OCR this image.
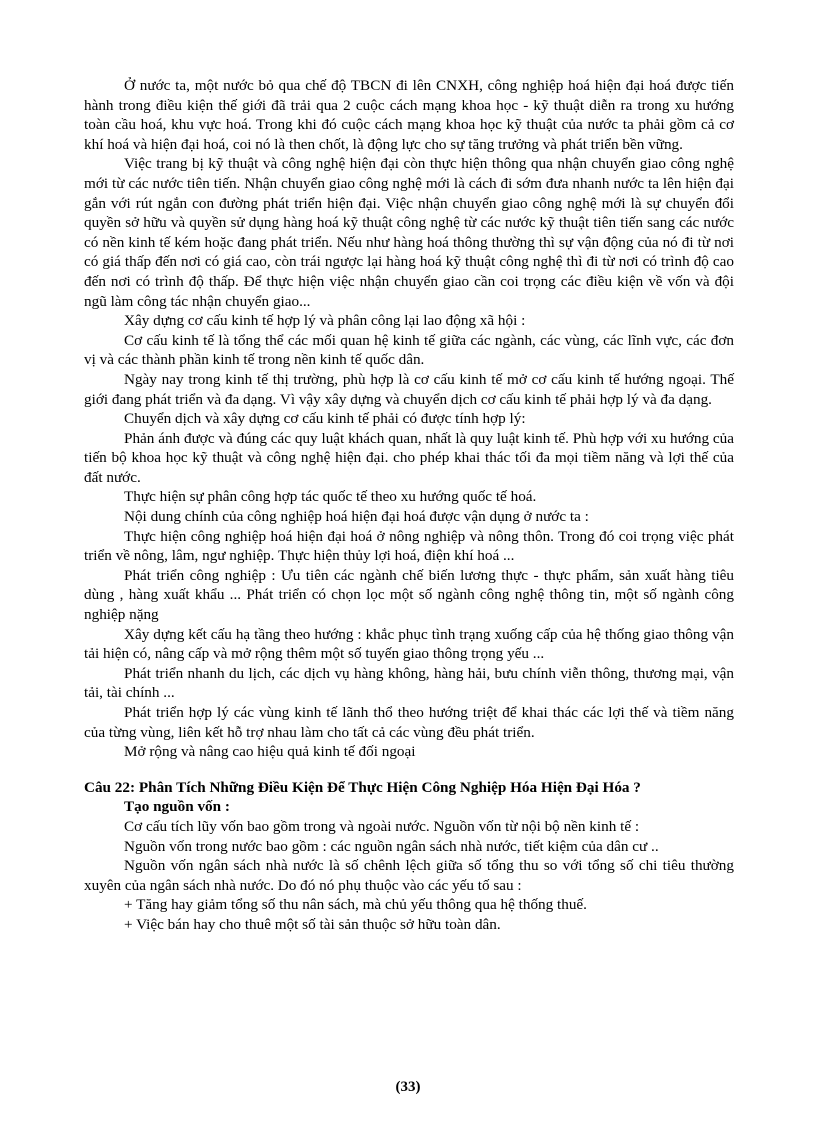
Ở nước ta, một nước bỏ qua chế độ TBCN đi lên CNXH, công nghiệp hoá hiện đại hoá được tiến hành trong điều kiện thế giới đã trải qua 2 cuộc cách mạng khoa học - kỹ thuật diễn ra trong xu hướng toàn cầu hoá, khu vực hoá. Trong khi đó cuộc cách mạng khoa học kỹ thuật của nước ta phải gồm cả cơ khí hoá và hiện đại hoá, coi nó là then chốt, là động lực cho sự tăng trưởng và phát triển bền vững.

Việc trang bị kỹ thuật và công nghệ hiện đại còn thực hiện thông qua nhận chuyển giao công nghệ mới từ các nước tiên tiến. Nhận chuyển giao công nghệ mới là cách đi sớm đưa nhanh nước ta lên hiện đại gắn với rút ngắn con đường phát triển hiện đại. Việc nhận chuyển giao công nghệ mới là sự chuyển đổi quyền sở hữu và quyền sử dụng hàng hoá kỹ thuật công nghệ từ các nước kỹ thuật tiên tiến sang các nước có nền kinh tế kém hoặc đang phát triển. Nếu như hàng hoá thông thường thì sự vận động của nó đi từ nơi có giá thấp đến nơi có giá cao, còn trái ngược lại hàng hoá kỹ thuật công nghệ thì đi từ nơi có trình độ cao đến nơi có trình độ thấp. Để thực hiện việc nhận chuyển giao cần coi trọng các điều kiện về vốn và đội ngũ làm công tác nhận chuyển giao...

Xây dựng cơ cấu kinh tế hợp lý và phân công lại lao động xã hội :

Cơ cấu kinh tế là tổng thể các mối quan hệ kinh tế giữa các ngành, các vùng, các lĩnh vực, các đơn vị và các thành phần kinh tế trong nền kinh tế quốc dân.

Ngày nay trong kinh tế thị trường, phù hợp là cơ cấu kinh tế mở cơ cấu kinh tế hướng ngoại. Thế giới đang phát triển và đa dạng. Vì vậy xây dựng và chuyển dịch cơ cấu kinh tế phải hợp lý và đa dạng.

Chuyển dịch và xây dựng cơ cấu kinh tế phải có được tính hợp lý:

Phản ánh được và đúng các quy luật khách quan, nhất là quy luật kinh tế. Phù hợp với xu hướng của tiến bộ khoa học kỹ thuật và công nghệ hiện đại. cho phép khai thác tối đa mọi tiềm năng và lợi thế của đất nước.

Thực hiện sự phân công hợp tác quốc tế theo xu hướng quốc tế hoá.

Nội dung chính của công nghiệp hoá hiện đại hoá được vận dụng ở nước ta :

Thực hiện công nghiệp hoá hiện đại hoá ở nông nghiệp và nông thôn. Trong đó coi trọng việc phát triển về nông, lâm, ngư nghiệp. Thực hiện thủy lợi hoá, điện khí hoá ...

Phát triển công nghiệp : Ưu tiên các ngành chế biến lương thực - thực phẩm, sản xuất hàng tiêu dùng , hàng xuất khẩu ... Phát triển có chọn lọc một số ngành công nghệ thông tin, một số ngành công nghiệp nặng

Xây dựng kết cấu hạ tầng theo hướng : khắc phục tình trạng xuống cấp của hệ thống giao thông vận tải hiện có, nâng cấp và mở rộng thêm một số tuyến giao thông trọng yếu ...

Phát triển nhanh du lịch, các dịch vụ hàng không, hàng hải, bưu chính viễn thông, thương mại, vận tải, tài chính ...

Phát triển hợp lý các vùng kinh tế lãnh thổ theo hướng triệt để khai thác các lợi thế và tiềm năng của từng vùng, liên kết hỗ trợ nhau làm cho tất cả các vùng đều phát triển.

Mở rộng và nâng cao hiệu quả kinh tế đối ngoại

Câu 22: Phân Tích Những Điều Kiện Để Thực Hiện Công Nghiệp Hóa Hiện Đại Hóa ?

Tạo nguồn vốn :

Cơ cấu tích lũy vốn bao gồm trong và ngoài nước. Nguồn vốn từ nội bộ nền kinh tế :

Nguồn vốn trong nước bao gồm : các nguồn ngân sách nhà nước, tiết kiệm của dân cư ..

Nguồn vốn ngân sách nhà nước là số chênh lệch giữa số tổng thu so với tổng số chi tiêu thường xuyên của ngân sách nhà nước. Do đó nó phụ thuộc vào các yếu tố sau :

+ Tăng hay giảm tổng số thu nân sách, mà chủ yếu thông qua hệ thống thuế.

+ Việc bán hay cho thuê một số tài sản thuộc sở hữu toàn dân.

(33)
